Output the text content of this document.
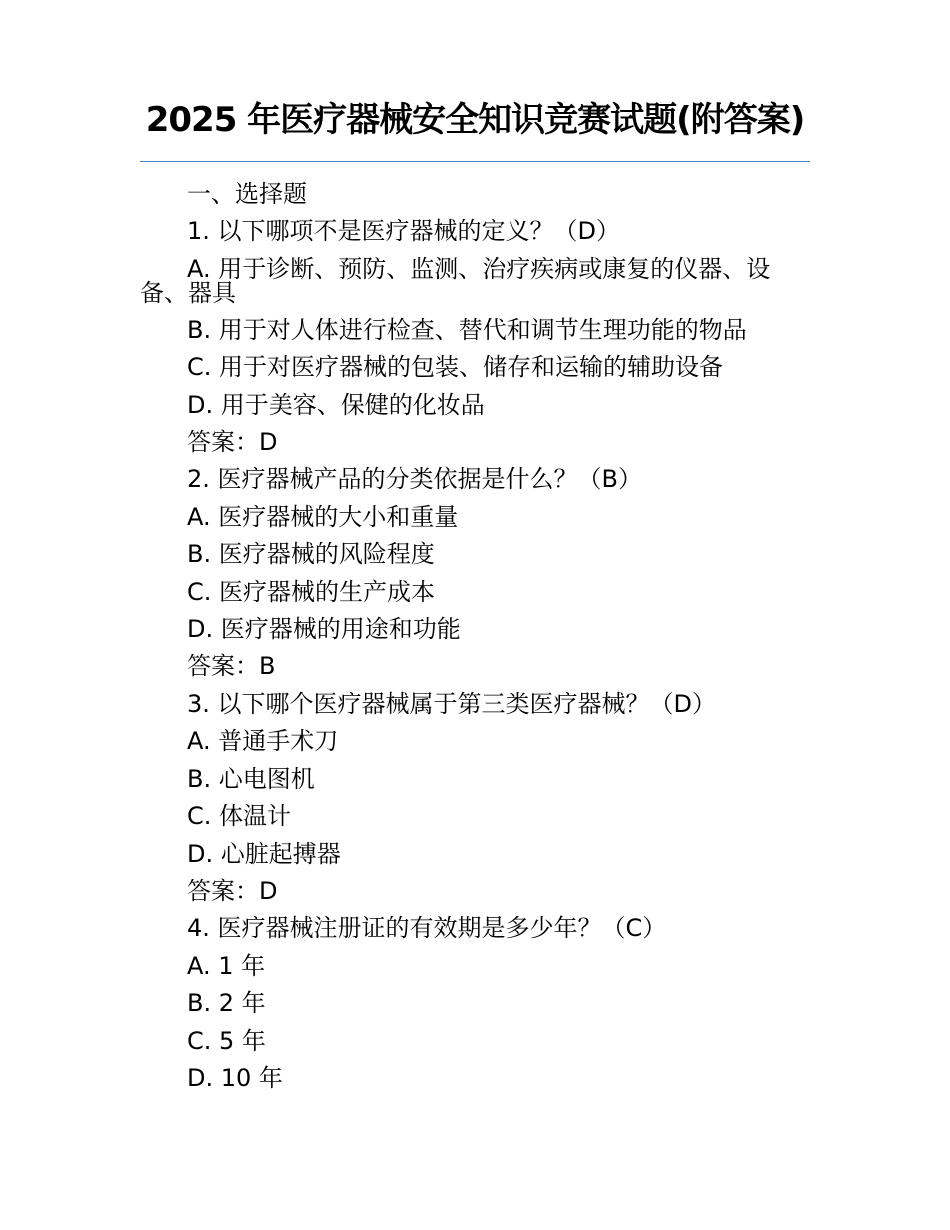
2025 年医疗器械安全知识竞赛试题(附答案)
一、选择题
1. 以下哪项不是医疗器械的定义？（D）
A. 用于诊断、预防、监测、治疗疾病或康复的仪器、设备、器具
B. 用于对人体进行检查、替代和调节生理功能的物品
C. 用于对医疗器械的包装、储存和运输的辅助设备
D. 用于美容、保健的化妆品
答案：D
2. 医疗器械产品的分类依据是什么？（B）
A. 医疗器械的大小和重量
B. 医疗器械的风险程度
C. 医疗器械的生产成本
D. 医疗器械的用途和功能
答案：B
3. 以下哪个医疗器械属于第三类医疗器械？（D）
A. 普通手术刀
B. 心电图机
C. 体温计
D. 心脏起搏器
答案：D
4. 医疗器械注册证的有效期是多少年？（C）
A. 1 年
B. 2 年
C. 5 年
D. 10 年
